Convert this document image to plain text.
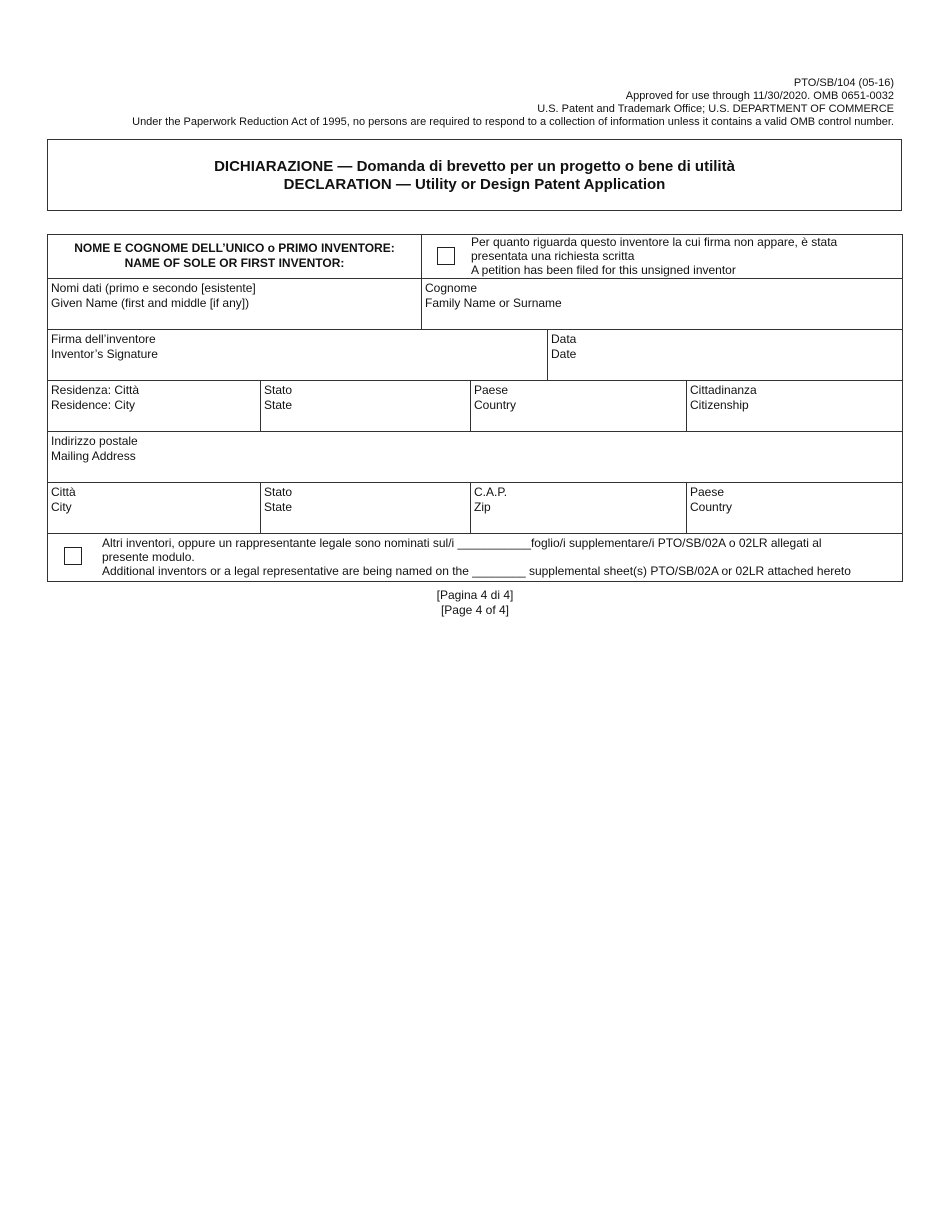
PTO/SB/104 (05-16)
Approved for use through 11/30/2020. OMB 0651-0032
U.S. Patent and Trademark Office; U.S. DEPARTMENT OF COMMERCE
Under the Paperwork Reduction Act of 1995, no persons are required to respond to a collection of information unless it contains a valid OMB control number.
DICHIARAZIONE — Domanda di brevetto per un progetto o bene di utilità
DECLARATION — Utility or Design Patent Application
NOME E COGNOME DELL’UNICO o PRIMO INVENTORE:
NAME OF SOLE OR FIRST INVENTOR:
Per quanto riguarda questo inventore la cui firma non appare, è stata
presentata una richiesta scritta
A petition has been filed for this unsigned inventor
Nomi dati (primo e secondo [esistente]
Given Name (first and middle [if any])
Cognome
Family Name or Surname
Firma dell’inventore
Inventor’s Signature
Data
Date
Residenza: Città
Residence: City
Stato
State
Paese
Country
Cittadinanza
Citizenship
Indirizzo postale
Mailing Address
Città
City
Stato
State
C.A.P.
Zip
Paese
Country
Altri inventori, oppure un rappresentante legale sono nominati sul/i ___________foglio/i supplementare/i PTO/SB/02A o 02LR allegati al
presente modulo.
Additional inventors or a legal representative are being named on the ________ supplemental sheet(s) PTO/SB/02A or 02LR attached hereto
[Pagina 4 di 4]
[Page 4 of 4]
